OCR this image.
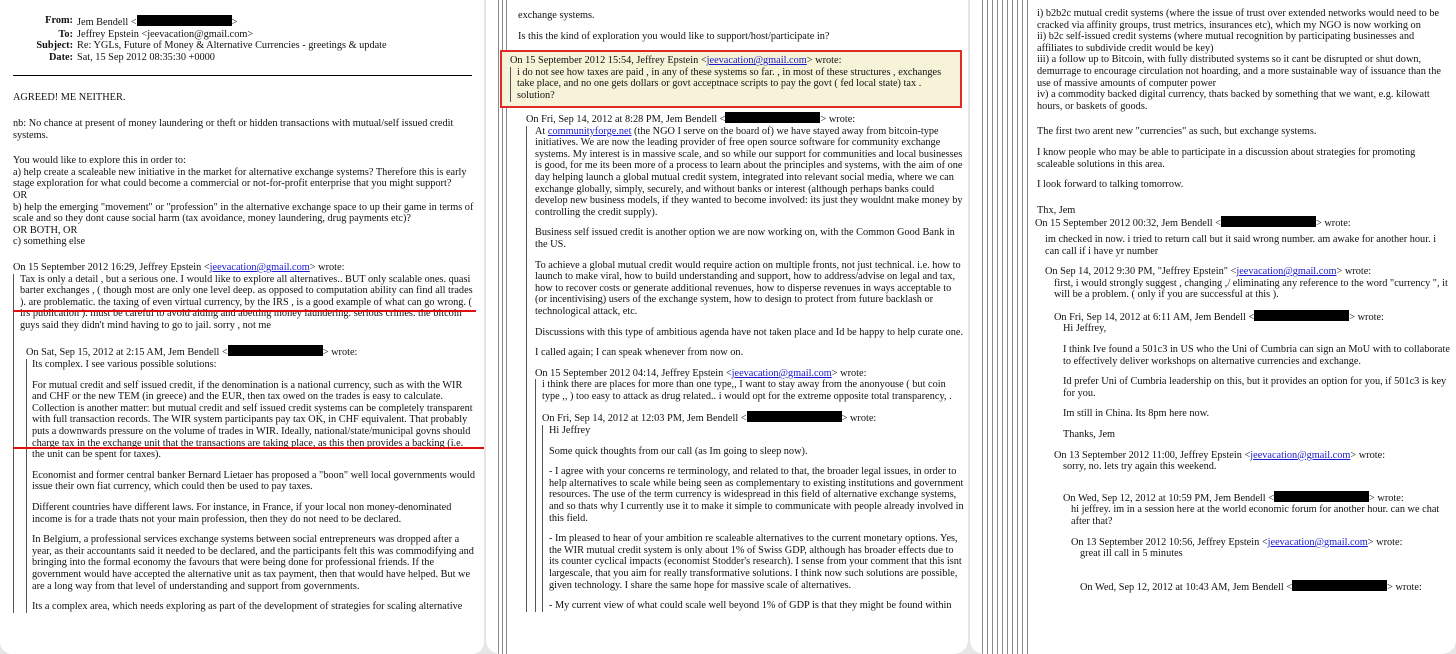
From: Jem Bendell <	>
To: Jeffrey Epstein <jeevacation@gmail.com>
Subject: Re: YGLs, Future of Money & Alternative Currencies - greetings & update
Date: Sat, 15 Sep 2012 08:35:30 +0000

AGREED! ME NEITHER.

nb: No chance at present of money laundering or theft or hidden transactions with mutual/self issued credit systems.

You would like to explore this in order to:
a) help create a scaleable new initiative in the market for alternative exchange systems? Therefore this is early stage exploration for what could become a commercial or not-for-profit enterprise that you might support?
OR
b) help the emerging "movement" or "profession" in the alternative exchange space to up their game in terms of scale and so they dont cause social harm (tax avoidance, money laundering, drug payments etc)?
OR BOTH, OR
c) something else
On 15 September 2012 16:29, Jeffrey Epstein <jeevacation@gmail.com> wrote:

Tax is only a detail , but a serious one. I would like to explore all alternatives.. BUT only scalable ones. quasi barter exchanges , ( though most are only one level deep. as opposed to computation ability can find all trades ). are problematic. the taxing of even virtual currency, by the IRS , is a good example of what can go wrong. ( irs publication ). must be careful to avoid aiding and abetting money laundering. serious crimes. the bitcoin guys said they didn't mind having to go to jail. sorry , not me

On Sat, Sep 15, 2012 at 2:15 AM, Jem Bendell <	> wrote:

Its complex. I see various possible solutions:

For mutual credit and self issued credit, if the denomination is a national currency, such as with the WIR and CHF or the new TEM (in greece) and the EUR, then tax owed on the trades is easy to calculate. Collection is another matter: but mutual credit and self issued credit systems can be completely transparent with full transaction records. The WIR system participants pay tax OK, in CHF equivalent. That probably puts a downwards pressure on the volume of trades in WIR. Ideally, national/state/municipal govns should charge tax in the exchange unit that the transactions are taking place, as this then provides a backing (i.e. the unit can be spent for taxes).

Economist and former central banker Bernard Lietaer has proposed a "boon" well local governments would issue their own fiat currency, which could then be used to pay taxes.

Different countries have different laws. For instance, in France, if your local non money-denominated income is for a trade thats not your main profession, then they do not need to be declared.

In Belgium, a professional services exchange systems between social entrepreneurs was dropped after a year, as their accountants said it needed to be declared, and the participants felt this was commodifying and bringing into the formal economy the favours that were being done for professional friends. If the government would have accepted the alternative unit as tax payment, then that would have helped. But we are a long way from that level of understanding and support from governments.

Its a complex area, which needs exploring as part of the development of strategies for scaling alternative

exchange systems.

Is this the kind of exploration you would like to support/host/participate in?

On 15 September 2012 15:54, Jeffrey Epstein <jeevacation@gmail.com> wrote:
i do not see how taxes are paid , in any of these systems so far. , in most of these structures , exchanges take place, and no one gets dollars or govt acceptnace scripts to pay the govt ( fed local state) tax . solution?
On Fri, Sep 14, 2012 at 8:28 PM, Jem Bendell <	> wrote:

At communityforge.net (the NGO I serve on the board of) we have stayed away from bitcoin-type initiatives. We are now the leading provider of free open source software for community exchange systems. My interest is in massive scale, and so while our support for communities and local businesses is good, for me its been more of a process to learn about the principles and systems, with the aim of one day helping launch a global mutual credit system, integrated into relevant social media, where we can exchange globally, simply, securely, and without banks or interest (although perhaps banks could develop new business models, if they wanted to become involved: its just they wouldnt make money by controlling the credit supply).

Business self issued credit is another option we are now working on, with the Common Good Bank in the US.

To achieve a global mutual credit would require action on multiple fronts, not just technical. i.e. how to launch to make viral, how to build understanding and support, how to address/advise on legal and tax, how to recover costs or generate additional revenues, how to disperse revenues in ways acceptable to (or incentivising) users of the exchange system, how to design to protect from future backlash or technological attack, etc.

Discussions with this type of ambitious agenda have not taken place and Id be happy to help curate one.

I called again; I can speak whenever from now on.

On 15 September 2012 04:14, Jeffrey Epstein <jeevacation@gmail.com> wrote:

i think there are places for more than one type,, I want to stay away from the anonyouse ( but coin type ,, ) too easy to attack as drug related.. i would opt for the extreme opposite total transparency, .

On Fri, Sep 14, 2012 at 12:03 PM, Jem Bendell <	> wrote:

Hi Jeffrey

Some quick thoughts from our call (as Im going to sleep now).

- I agree with your concerns re terminology, and related to that, the broader legal issues, in order to help alternatives to scale while being seen as complementary to existing institutions and government resources. The use of the term currency is widespread in this field of alternative exchange systems, and so thats why I currently use it to make it simple to communicate with people already involved in this field.

- Im pleased to hear of your ambition re scaleable alternatives to the current monetary options. Yes, the WIR mutual credit system is only about 1% of Swiss GDP, although has broader effects due to its counter cyclical impacts (economist Stodder's research). I sense from your comment that this isnt largescale, that you aim for really transformative solutions. I think now such solutions are possible, given technology. I share the same hope for massive scale of alternatives.

- My current view of what could scale well beyond 1% of GDP is that they might be found within

i) b2b2c mutual credit systems (where the issue of trust over extended networks would need to be cracked via affinity groups, trust metrics, insurances etc), which my NGO is now working on
ii) b2c self-issued credit systems (where mutual recognition by participating businesses and affiliates to subdivide credit would be key)
iii) a follow up to Bitcoin, with fully distributed systems so it cant be disrupted or shut down, demurrage to encourage circulation not hoarding, and a more sustainable way of issuance than the use of massive amounts of computer power
iv) a commodity backed digital currency, thats backed by something that we want, e.g. kilowatt hours, or baskets of goods.

The first two arent new "currencies" as such, but exchange systems.

I know people who may be able to participate in a discussion about strategies for promoting scaleable solutions in this area.

I look forward to talking tomorrow.

Thx, Jem
On 15 September 2012 00:32, Jem Bendell <	> wrote:

im checked in now. i tried to return call but it said wrong number. am awake for another hour. i can call if i have yr number

On Sep 14, 2012 9:30 PM, "Jeffrey Epstein" <jeevacation@gmail.com> wrote:

first, i would strongly suggest , changing ,/ eliminating any reference to the word "currency ", it will be a problem. ( only if you are successful at this ).

On Fri, Sep 14, 2012 at 6:11 AM, Jem Bendell <	> wrote:

Hi Jeffrey,

I think Ive found a 501c3 in US who the Uni of Cumbria can sign an MoU with to collaborate to effectively deliver workshops on alternative currencies and exchange.

Id prefer Uni of Cumbria leadership on this, but it provides an option for you, if 501c3 is key for you.

Im still in China. Its 8pm here now.

Thanks, Jem

On 13 September 2012 11:00, Jeffrey Epstein <jeevacation@gmail.com> wrote:

sorry, no. lets try again this weekend.

On Wed, Sep 12, 2012 at 10:59 PM, Jem Bendell <	> wrote:

hi jeffrey. im in a session here at the world economic forum for another hour. can we chat after that?

On 13 September 2012 10:56, Jeffrey Epstein <jeevacation@gmail.com> wrote:

great ill call in 5 minutes

On Wed, Sep 12, 2012 at 10:43 AM, Jem Bendell <	> wrote:
